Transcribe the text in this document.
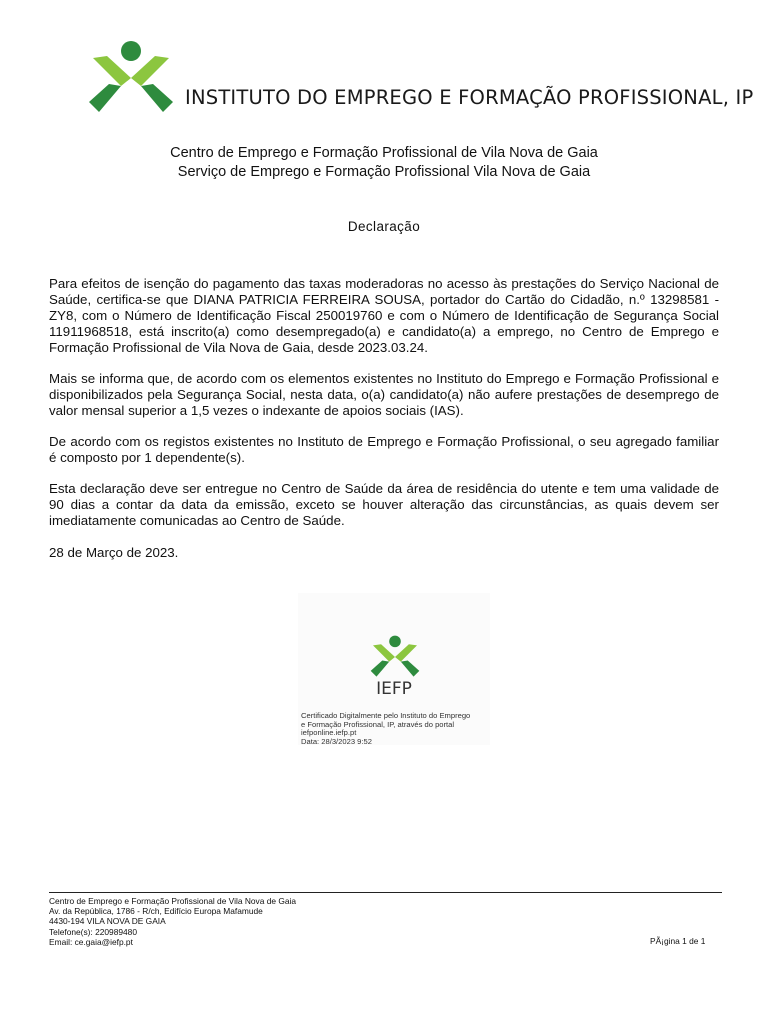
INSTITUTO DO EMPREGO E FORMAÇÃO PROFISSIONAL, IP
Centro de Emprego e Formação Profissional de Vila Nova de Gaia
Serviço de Emprego e Formação Profissional Vila Nova de Gaia
Declaração

Para efeitos de isenção do pagamento das taxas moderadoras no acesso às prestações do Serviço Nacional de Saúde, certifica-se que DIANA PATRICIA FERREIRA SOUSA, portador do Cartão do Cidadão, n.º 13298581 - ZY8, com o Número de Identificação Fiscal 250019760 e com o Número de Identificação de Segurança Social 11911968518, está inscrito(a) como desempregado(a) e candidato(a) a emprego, no Centro de Emprego e Formação Profissional de Vila Nova de Gaia, desde 2023.03.24.

Mais se informa que, de acordo com os elementos existentes no Instituto do Emprego e Formação Profissional e disponibilizados pela Segurança Social, nesta data, o(a) candidato(a) não aufere prestações de desemprego de valor mensal superior a 1,5 vezes o indexante de apoios sociais (IAS).

De acordo com os registos existentes no Instituto de Emprego e Formação Profissional, o seu agregado familiar é composto por 1 dependente(s).

Esta declaração deve ser entregue no Centro de Saúde da área de residência do utente e tem uma validade de 90 dias a contar da data da emissão, exceto se houver alteração das circunstâncias, as quais devem ser imediatamente comunicadas ao Centro de Saúde.

28 de Março de 2023.
IEFP
Certificado Digitalmente pelo Instituto do Emprego
e Formação Profissional, IP, através do portal
iefponline.iefp.pt
Data: 28/3/2023 9:52
Centro de Emprego e Formação Profissional de Vila Nova de Gaia
Av. da República, 1786 - R/ch, Edifício Europa Mafamude
4430-194 VILA NOVA DE GAIA
Telefone(s): 220989480
Email: ce.gaia@iefp.pt	PÃ¡gina 1 de 1
